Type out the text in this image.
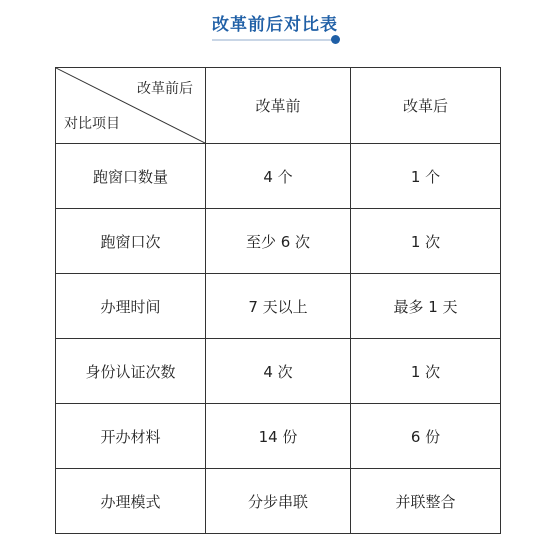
改革前后对比表
改革前后
对比项目	改革前	改革后
跑窗口数量	4 个	1 个
跑窗口次	至少 6 次	1 次
办理时间	7 天以上	最多 1 天
身份认证次数	4 次	1 次
开办材料	14 份	6 份
办理模式	分步串联	并联整合
